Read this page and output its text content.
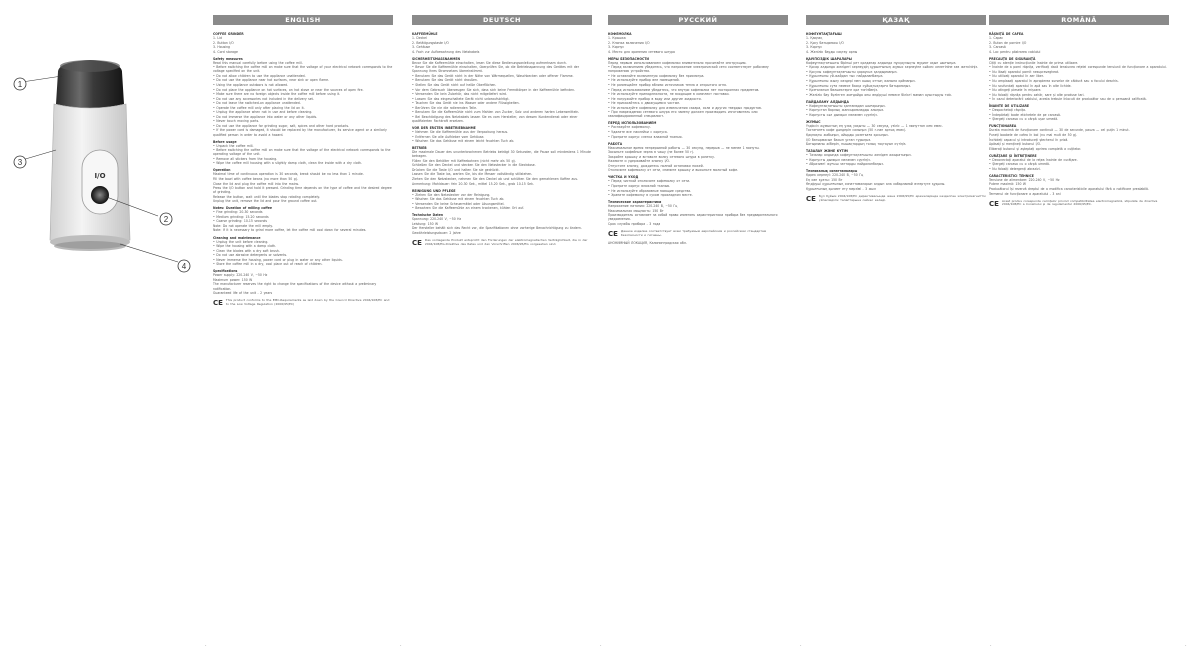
I/O
1
3
2
4
ENGLISH
COFFEE GRINDER

1. Lid

2. Button I/O

3. Housing

4. Cord storage

Safety measures

Read this manual carefully before using the coffee mill.

• Before switching the coffee mill on make sure that the voltage of your electrical network corresponds to the voltage specified on the unit.

• Do not allow children to use the appliance unattended.

• Do not use the appliance near hot surfaces, near sink or open flame.

• Using the appliance outdoors is not allowed.

• Do not place the appliance on hot surfaces, on hot stove or near the sources of open fire.

• Make sure there are no foreign objects inside the coffee mill before using it.

• Do not use any accessories not included in the delivery set.

• Do not leave the switched-on appliance unattended.

• Operate the coffee mill only after placing the lid on it.

• Unplug the appliance when not in use and before cleaning.

• Do not immerse the appliance into water or any other liquids.

• Never touch moving parts.

• Do not use the appliance for grinding sugar, salt, spices and other hard products.

• If the power cord is damaged, it should be replaced by the manufacturer, its service agent or a similarly qualified person in order to avoid a hazard.

Before usage

• Unpack the coffee mill.

• Before switching the coffee mill on make sure that the voltage of the electrical network corresponds to the operating voltage of the unit.

• Remove all stickers from the housing.

• Wipe the coffee mill housing with a slightly damp cloth, clean the inside with a dry cloth.

Operation

Maximal time of continuous operation is 30 seconds, break should be no less than 1 minute.

Fill the bowl with coffee beans (no more than 50 g).

Close the lid and plug the coffee mill into the mains.

Press the I/O button and hold it pressed. Grinding time depends on the type of coffee and the desired degree of grinding.

Release the button, wait until the blades stop rotating completely.

Unplug the unit, remove the lid and pour the ground coffee out.

Notes: Duration of milling coffee

• Fine grinding: 20-30 seconds

• Medium grinding: 15-20 seconds

• Coarse grinding: 10-15 seconds

Note: Do not operate the mill empty.

Note: If it is necessary to grind more coffee, let the coffee mill cool down for several minutes.

Cleaning and maintenance

• Unplug the unit before cleaning.

• Wipe the housing with a damp cloth.

• Clean the blades with a dry soft brush.

• Do not use abrasive detergents or solvents.

• Never immerse the housing, power cord or plug in water or any other liquids.

• Store the coffee mill in a dry, cool place out of reach of children.

Specifications

Power supply: 220-240 V, ~50 Hz

Maximum power: 150 W

The manufacturer reserves the right to change the specifications of the device without a preliminary notification.

Guaranteed life of the unit - 2 years

CE This product conforms to the EMC-Requirements as laid down by the Council Directive 2004/108/EC and to the Low Voltage Regulation (2006/95/EC)
DEUTSCH
KAFFEEMÜHLE

1. Deckel

2. Betätigungstaste I/O

3. Gehäuse

4. Fach zur Aufbewahrung des Netzkabels

SICHERHEITSMASSNAHMEN

Bevor Sie die Kaffeemühle einschalten, lesen Sie diese Bedienungsanleitung aufmerksam durch.

• Bevor Sie die Kaffeemühle einschalten, überprüfen Sie, ob die Betriebsspannung des Gerätes mit der Spannung Ihres Stromnetzes übereinstimmt.

• Benutzen Sie das Gerät nicht in der Nähe von Wärmequellen, Waschbecken oder offener Flamme.

• Benutzen Sie das Gerät nicht draußen.

• Stellen Sie das Gerät nicht auf heiße Oberflächen.

• Vor dem Gebrauch überzeugen Sie sich, dass sich keine Fremdkörper in der Kaffeemühle befinden.

• Verwenden Sie kein Zubehör, das nicht mitgeliefert wird.

• Lassen Sie das eingeschaltete Gerät nicht unbeaufsichtigt.

• Tauchen Sie das Gerät nie ins Wasser oder andere Flüssigkeiten.

• Berühren Sie nie die rotierenden Teile.

• Benutzen Sie die Kaffeemühle nicht zum Mahlen von Zucker, Salz und anderen harten Lebensmitteln.

• Bei Beschädigung des Netzkabels lassen Sie es vom Hersteller, von dessen Kundendienst oder einer qualifizierten Fachkraft ersetzen.

VOR DER ERSTEN INBETRIEBNAHME

• Nehmen Sie die Kaffeemühle aus der Verpackung heraus.

• Entfernen Sie alle Aufkleber vom Gehäuse.

• Wischen Sie das Gehäuse mit einem leicht feuchten Tuch ab.

BETRIEB

Die maximale Dauer des ununterbrochenen Betriebs beträgt 30 Sekunden, die Pause soll mindestens 1 Minute betragen.

Füllen Sie den Behälter mit Kaffeebohnen (nicht mehr als 50 g).

Schließen Sie den Deckel und stecken Sie den Netzstecker in die Steckdose.

Drücken Sie die Taste I/O und halten Sie sie gedrückt.

Lassen Sie die Taste los, warten Sie, bis die Messer vollständig stillstehen.

Ziehen Sie den Netzstecker, nehmen Sie den Deckel ab und schütten Sie den gemahlenen Kaffee aus.

Anmerkung: Mahldauer: fein 20-30 Sek., mittel 15-20 Sek., grob 10-15 Sek.

REINIGUNG UND PFLEGE

• Ziehen Sie den Netzstecker vor der Reinigung.

• Wischen Sie das Gehäuse mit einem feuchten Tuch ab.

• Verwenden Sie keine Scheuermittel oder Lösungsmittel.

• Bewahren Sie die Kaffeemühle an einem trockenen, kühlen Ort auf.

Technische Daten

Spannung: 220-240 V, ~50 Hz

Leistung: 150 W

Der Hersteller behält sich das Recht vor, die Spezifikationen ohne vorherige Benachrichtigung zu ändern.

Gewährleistungsdauer: 2 Jahre

CE Das vorliegende Produkt entspricht den Forderungen der elektromagnetischen Verträglichkeit, die in der 2004/108/EG-Direktive des Rates und den Vorschriften 2006/95/EG vorgesehen sind.
РУССКИЙ
КОФЕМОЛКА

1. Крышка

2. Кнопка включения I/O

3. Корпус

4. Место для хранения сетевого шнура

МЕРЫ БЕЗОПАСНОСТИ

Перед первым использованием кофемолки внимательно прочитайте инструкцию.

• Перед включением убедитесь, что напряжение электрической сети соответствует рабочему напряжению устройства.

• Не оставляйте включенную кофемолку без присмотра.

• Не используйте прибор вне помещений.

• Не размещайте прибор вблизи источников тепла и открытого огня.

• Перед использованием убедитесь, что внутри кофемолки нет посторонних предметов.

• Не используйте принадлежности, не входящие в комплект поставки.

• Не погружайте прибор в воду или другие жидкости.

• Не прикасайтесь к движущимся частям.

• Не используйте кофемолку для измельчения сахара, соли и других твердых продуктов.

• При повреждении сетевого шнура его замену должен производить изготовитель или квалифицированный специалист.

ПЕРЕД ИСПОЛЬЗОВАНИЕМ

• Распакуйте кофемолку.

• Удалите все наклейки с корпуса.

• Протрите корпус слегка влажной тканью.

РАБОТА

Максимальное время непрерывной работы — 30 секунд, перерыв — не менее 1 минуты.

Засыпьте кофейные зерна в чашу (не более 50 г).

Закройте крышку и вставьте вилку сетевого шнура в розетку.

Нажмите и удерживайте кнопку I/O.

Отпустите кнопку, дождитесь полной остановки ножей.

Отключите кофемолку от сети, снимите крышку и высыпьте молотый кофе.

ЧИСТКА И УХОД

• Перед чисткой отключите кофемолку от сети.

• Протрите корпус влажной тканью.

• Не используйте абразивные моющие средства.

• Храните кофемолку в сухом прохладном месте.

Технические характеристики

Напряжение питания: 220-240 В, ~50 Гц

Максимальная мощность: 150 Вт

Производитель оставляет за собой право изменять характеристики прибора без предварительного уведомления.

Срок службы прибора - 3 года

CE Данное изделие соответствует всем требуемым европейским и российским стандартам безопасности и гигиены.

АНОНИМНЫЙ ЛОКАЦИЯ, Калининградская обл.

ҚАЗАҚ
КОФЕҰНТАҚТАҒЫШ

1. Қақпақ

2. Қосу батырмасы I/O

3. Корпус

4. Желілік бауды сақтау орны

ҚАУІПСІЗДІК ШАРАЛАРЫ

Кофеұнтақтағышты бірінші рет қолданар алдында нұсқаулықты мұқият оқып шығыңыз.

• Қосар алдында желідегі кернеудің құрылғының жұмыс кернеуіне сәйкес келетініне көз жеткізіңіз.

• Қосулы кофеұнтақтағышты қараусыз қалдырмаңыз.

• Құрылғыны үй-жайдан тыс пайдаланбаңыз.

• Құрылғыны жылу көздері мен ашық оттың жанына қоймаңыз.

• Құрылғыны суға немесе басқа сұйықтықтарға батырмаңыз.

• Қозғалатын бөлшектерге қол тигізбеңіз.

• Желілік бау бүлінген жағдайда оны өндіруші немесе білікті маман ауыстыруы тиіс.

ПАЙДАЛАНУ АЛДЫНДА

• Кофеұнтақтағышты қаптамадан шығарыңыз.

• Корпустан барлық жапсырмаларды алыңыз.

• Корпусты сәл дымқыл матамен сүртіңіз.

ЖҰМЫС

Үздіксіз жұмыстың ең ұзақ уақыты — 30 секунд, үзіліс — 1 минуттан кем емес.

Тостағанға кофе дәндерін салыңыз (50 г-нан артық емес).

Қақпақты жабыңыз, айырды розеткаға қосыңыз.

I/O батырмасын басып ұстап тұрыңыз.

Батырманы жіберіп, пышақтардың толық тоқтауын күтіңіз.

ТАЗАЛАУ ЖӘНЕ КҮТІМ

• Тазалар алдында кофеұнтақтағышты желіден ажыратыңыз.

• Корпусты дымқыл матамен сүртіңіз.

• Абразивті жуғыш заттарды пайдаланбаңыз.

Техникалық сипаттамалары

Қорек кернеуі: 220-240 В, ~50 Гц

Ең көп қуаты: 150 Вт

Өндіруші құрылғының сипаттамаларын алдын ала хабарламай өзгертуге құқылы.

Құрылғының қызмет ету мерзімі - 3 жыл

CE Бұл бұйым 2004/108/EC директивасында және 2006/95/EC ережелерінде көзделген электромагниттік үйлесімділік талаптарына сәйкес келеді.
ROMÂNĂ
RÂȘNIȚĂ DE CAFEA

1. Capac

2. Buton de pornire I/O

3. Carcasă

4. Loc pentru păstrarea cablului

PRECAUȚII DE SIGURANȚĂ

Citiți cu atenție instrucțiunile înainte de prima utilizare.

• Înainte de a porni râșnița, verificați dacă tensiunea rețelei corespunde tensiunii de funcționare a aparatului.

• Nu lăsați aparatul pornit nesupravegheat.

• Nu utilizați aparatul în aer liber.

• Nu amplasați aparatul în apropierea surselor de căldură sau a focului deschis.

• Nu scufundați aparatul în apă sau în alte lichide.

• Nu atingeți piesele în mișcare.

• Nu folosiți râșnița pentru zahăr, sare și alte produse tari.

• În cazul deteriorării cablului, acesta trebuie înlocuit de producător sau de o persoană calificată.

ÎNAINTE DE UTILIZARE

• Despachetați râșnița.

• Îndepărtați toate etichetele de pe carcasă.

• Ștergeți carcasa cu o cârpă ușor umedă.

FUNCȚIONAREA

Durata maximă de funcționare continuă — 30 de secunde, pauza — cel puțin 1 minut.

Puneți boabele de cafea în bol (nu mai mult de 50 g).

Închideți capacul și introduceți ștecherul în priză.

Apăsați și mențineți butonul I/O.

Eliberați butonul și așteptați oprirea completă a cuțitelor.

CURĂȚARE ȘI ÎNTREȚINERE

• Deconectați aparatul de la rețea înainte de curățare.

• Ștergeți carcasa cu o cârpă umedă.

• Nu folosiți detergenți abrazivi.

CARACTERISTICI TEHNICE

Tensiune de alimentare: 220-240 V, ~50 Hz

Putere maximă: 150 W

Producătorul își rezervă dreptul de a modifica caracteristicile aparatului fără o notificare prealabilă.

Termenul de funcționare a aparatului - 3 ani

CE Acest produs corespunde cerințelor privind compatibilitatea electromagnetică, stipulate de directiva 2004/108/EC a Consiliului și de regulamentul 2006/95/EC.
.	.	.	.	.	.
